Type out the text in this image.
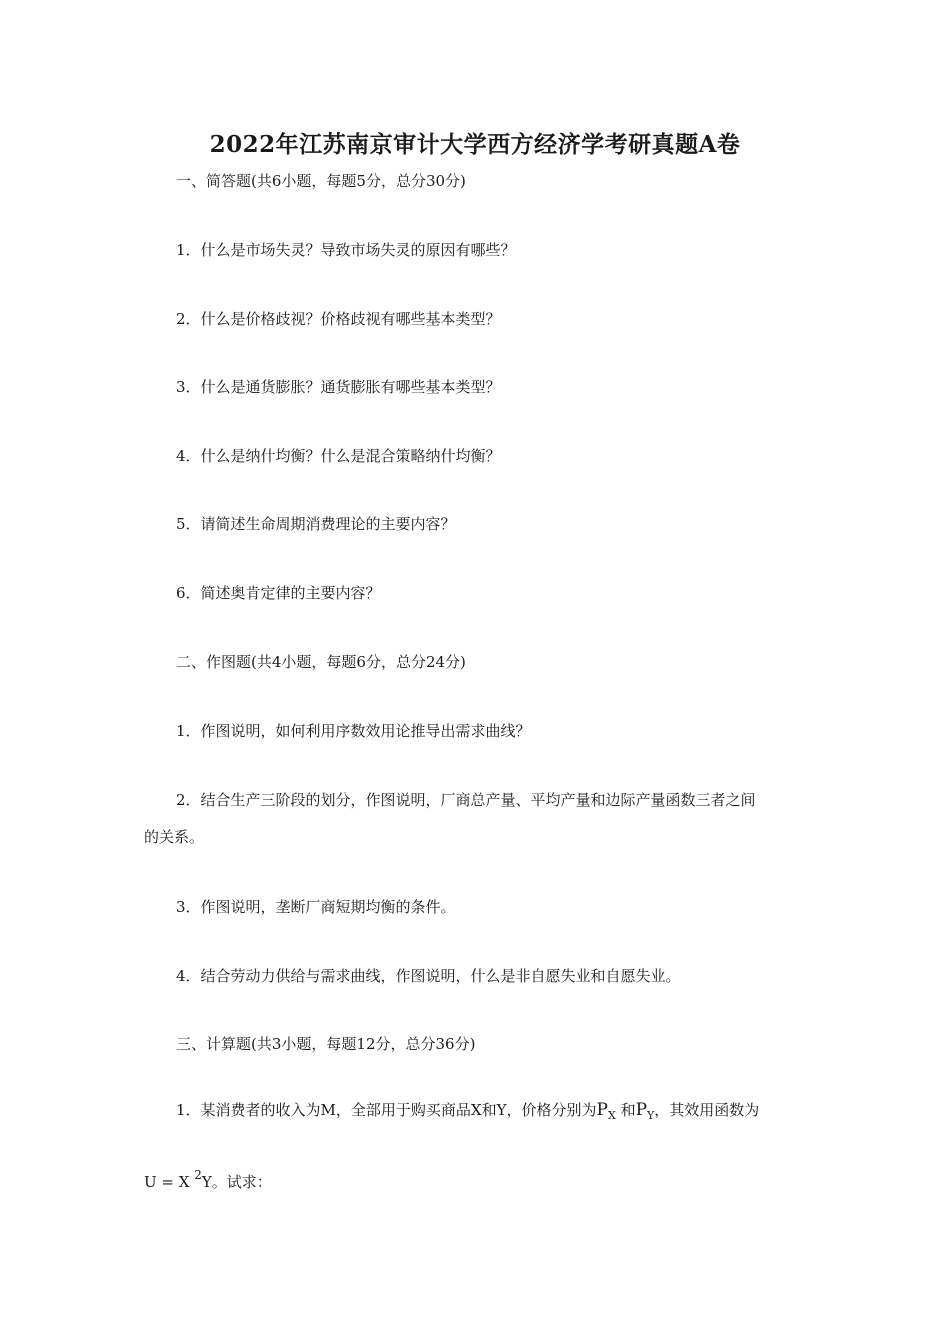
2022年江苏南京审计大学西方经济学考研真题A卷

一、简答题(共6小题，每题5分，总分30分)

1．什么是市场失灵？导致市场失灵的原因有哪些？

2．什么是价格歧视？价格歧视有哪些基本类型？

3．什么是通货膨胀？通货膨胀有哪些基本类型？

4．什么是纳什均衡？什么是混合策略纳什均衡？

5．请简述生命周期消费理论的主要内容？

6．简述奥肯定律的主要内容？

二、作图题(共4小题，每题6分，总分24分)

1．作图说明，如何利用序数效用论推导出需求曲线？

2．结合生产三阶段的划分，作图说明，厂商总产量、平均产量和边际产量函数三者之间

的关系。

3．作图说明，垄断厂商短期均衡的条件。

4．结合劳动力供给与需求曲线，作图说明，什么是非自愿失业和自愿失业。

三、计算题(共3小题，每题12分，总分36分)

1．某消费者的收入为M，全部用于购买商品X和Y，价格分别为$P_X$ 和$P_Y$，其效用函数为

U = X $^2$Y。试求：
